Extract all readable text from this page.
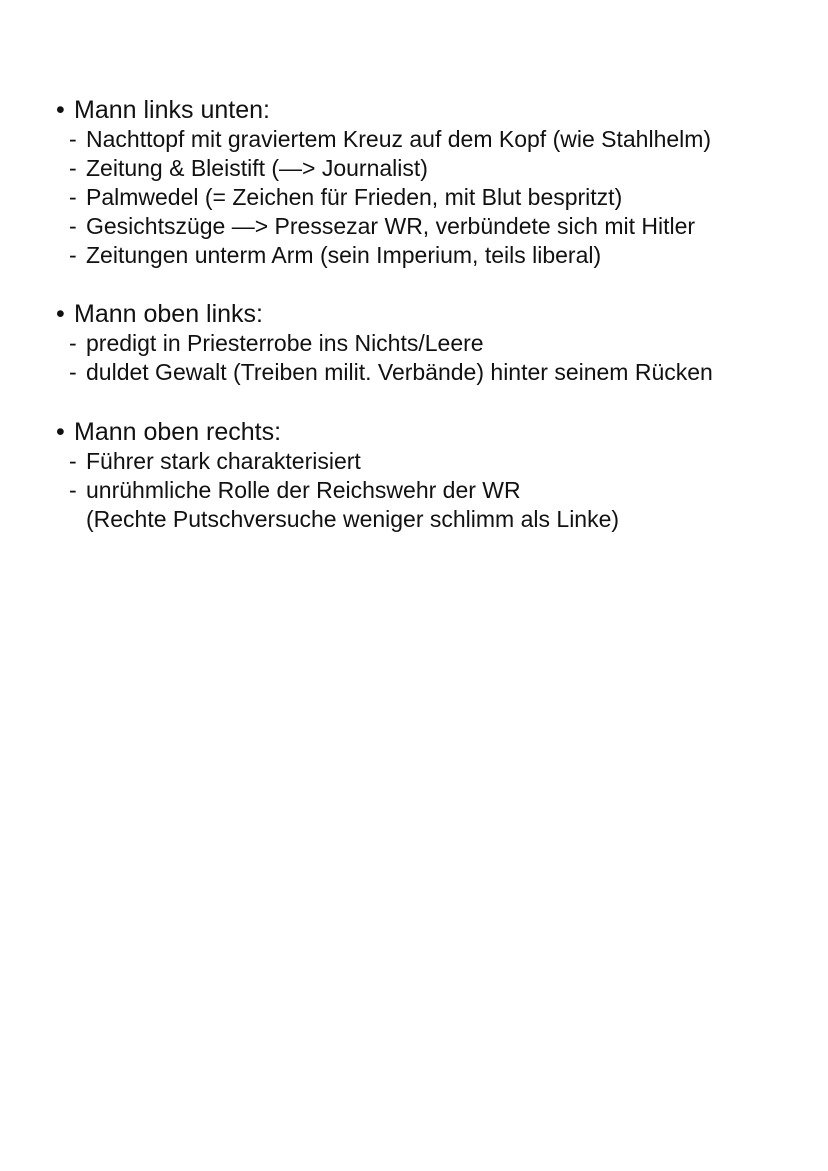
• Mann links unten:
- Nachttopf mit graviertem Kreuz auf dem Kopf (wie Stahlhelm)
- Zeitung & Bleistift (—> Journalist)
- Palmwedel (= Zeichen für Frieden, mit Blut bespritzt)
- Gesichtszüge —> Pressezar WR, verbündete sich mit Hitler
- Zeitungen unterm Arm (sein Imperium, teils liberal)
• Mann oben links:
- predigt in Priesterrobe ins Nichts/Leere
- duldet Gewalt (Treiben milit. Verbände) hinter seinem Rücken
• Mann oben rechts:
- Führer stark charakterisiert
- unrühmliche Rolle der Reichswehr der WR
(Rechte Putschversuche weniger schlimm als Linke)
